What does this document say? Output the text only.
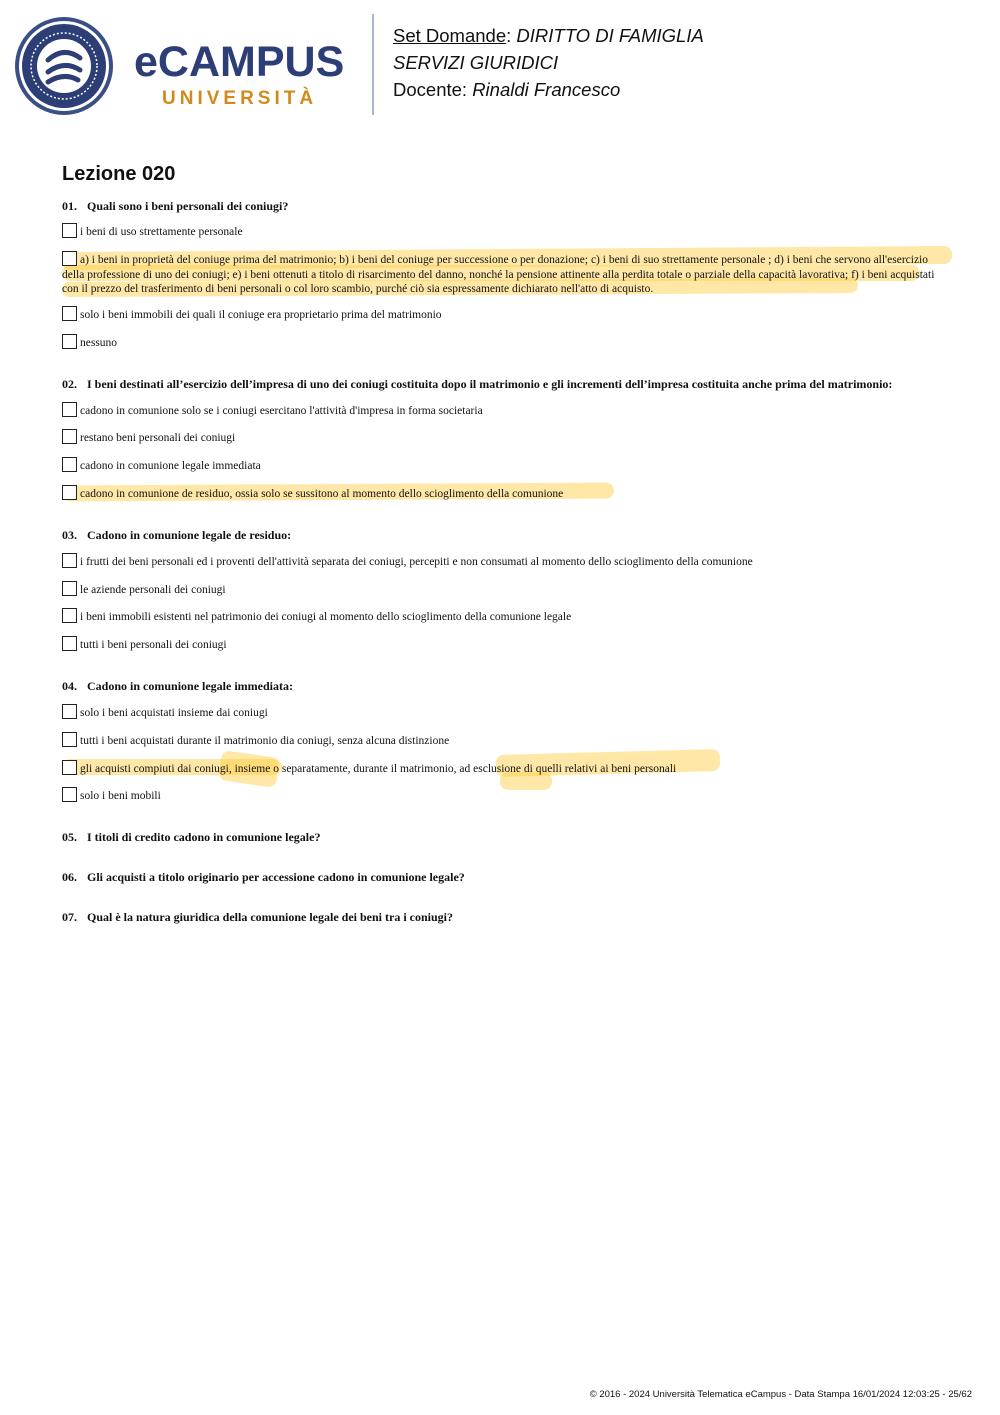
eCAMPUS
UNIVERSITÀ
Set Domande: DIRITTO DI FAMIGLIA
SERVIZI GIURIDICI
Docente: Rinaldi Francesco
Lezione 020
01. Quali sono i beni personali dei coniugi?
i beni di uso strettamente personale
a) i beni in proprietà del coniuge prima del matrimonio; b) i beni del coniuge per successione o per donazione; c) i beni di suo strettamente personale ; d) i beni che servono all'esercizio della professione di uno dei coniugi; e) i beni ottenuti a titolo di risarcimento del danno, nonché la pensione attinente alla perdita totale o parziale della capacità lavorativa; f) i beni acquistati con il prezzo del trasferimento di beni personali o col loro scambio, purché ciò sia espressamente dichiarato nell'atto di acquisto.
solo i beni immobili dei quali il coniuge era proprietario prima del matrimonio
nessuno
02. I beni destinati all’esercizio dell’impresa di uno dei coniugi costituita dopo il matrimonio e gli incrementi dell’impresa costituita anche prima del matrimonio:
cadono in comunione solo se i coniugi esercitano l'attività d'impresa in forma societaria
restano beni personali dei coniugi
cadono in comunione legale immediata
cadono in comunione de residuo, ossia solo se sussitono al momento dello scioglimento della comunione
03. Cadono in comunione legale de residuo:
i frutti dei beni personali ed i proventi dell'attività separata dei coniugi, percepiti e non consumati al momento dello scioglimento della comunione
le aziende personali dei coniugi
i beni immobili esistenti nel patrimonio dei coniugi al momento dello scioglimento della comunione legale
tutti i beni personali dei coniugi
04. Cadono in comunione legale immediata:
solo i beni acquistati insieme dai coniugi
tutti i beni acquistati durante il matrimonio dia coniugi, senza alcuna distinzione
gli acquisti compiuti dai coniugi, insieme o separatamente, durante il matrimonio, ad esclusione di quelli relativi ai beni personali
solo i beni mobili
05. I titoli di credito cadono in comunione legale?
06. Gli acquisti a titolo originario per accessione cadono in comunione legale?
07. Qual è la natura giuridica della comunione legale dei beni tra i coniugi?
© 2016 - 2024 Università Telematica eCampus - Data Stampa 16/01/2024 12:03:25 - 25/62
